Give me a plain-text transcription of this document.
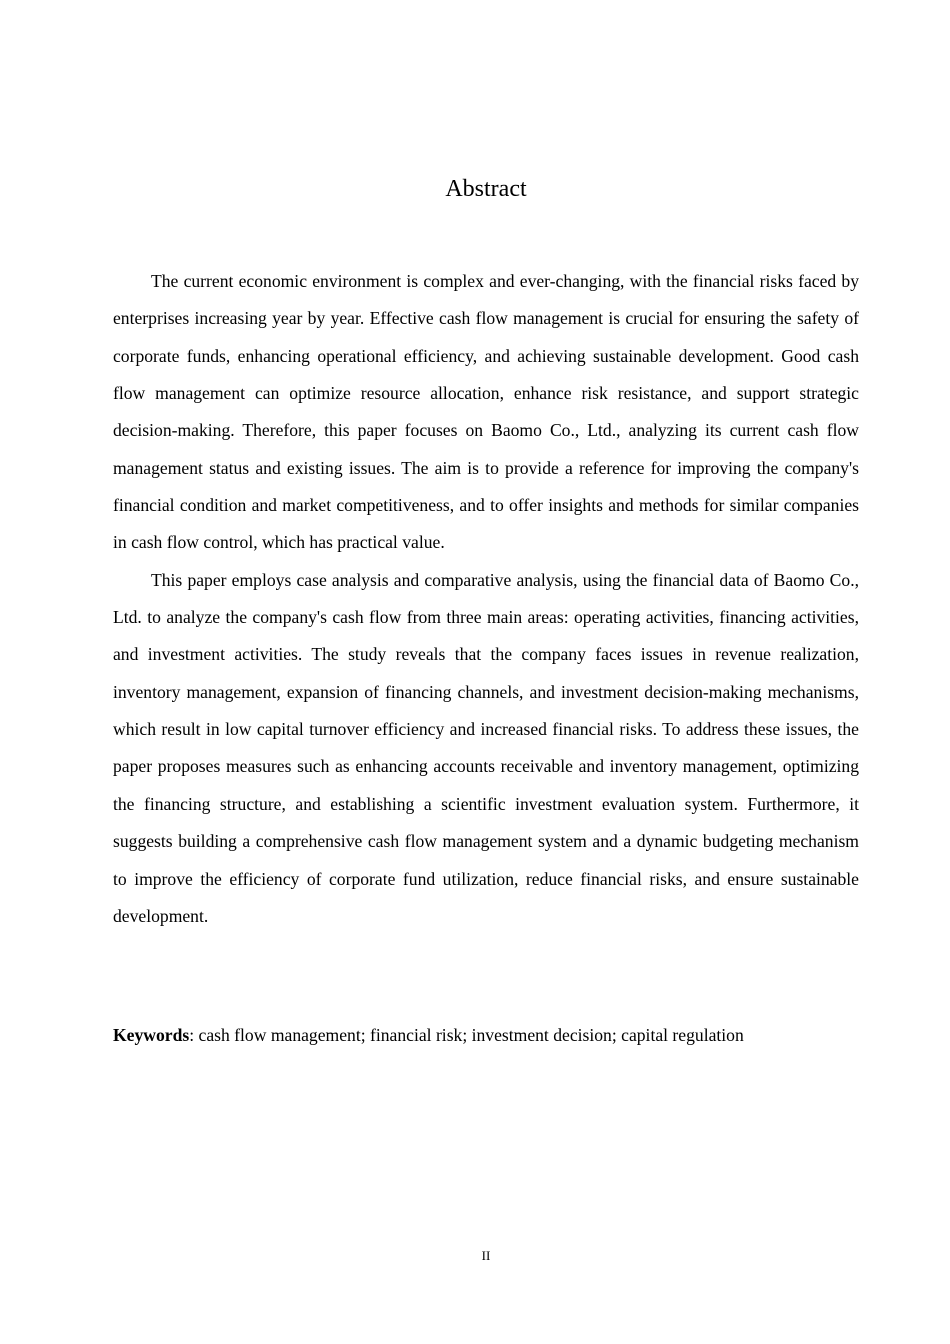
Abstract

The current economic environment is complex and ever-changing, with the financial risks faced by enterprises increasing year by year. Effective cash flow management is crucial for ensuring the safety of corporate funds, enhancing operational efficiency, and achieving sustainable development. Good cash flow management can optimize resource allocation, enhance risk resistance, and support strategic decision-making. Therefore, this paper focuses on Baomo Co., Ltd., analyzing its current cash flow management status and existing issues. The aim is to provide a reference for improving the company's financial condition and market competitiveness, and to offer insights and methods for similar companies in cash flow control, which has practical value.

This paper employs case analysis and comparative analysis, using the financial data of Baomo Co., Ltd. to analyze the company's cash flow from three main areas: operating activities, financing activities, and investment activities. The study reveals that the company faces issues in revenue realization, inventory management, expansion of financing channels, and investment decision-making mechanisms, which result in low capital turnover efficiency and increased financial risks. To address these issues, the paper proposes measures such as enhancing accounts receivable and inventory management, optimizing the financing structure, and establishing a scientific investment evaluation system. Furthermore, it suggests building a comprehensive cash flow management system and a dynamic budgeting mechanism to improve the efficiency of corporate fund utilization, reduce financial risks, and ensure sustainable development.

Keywords: cash flow management; financial risk; investment decision; capital regulation

II
